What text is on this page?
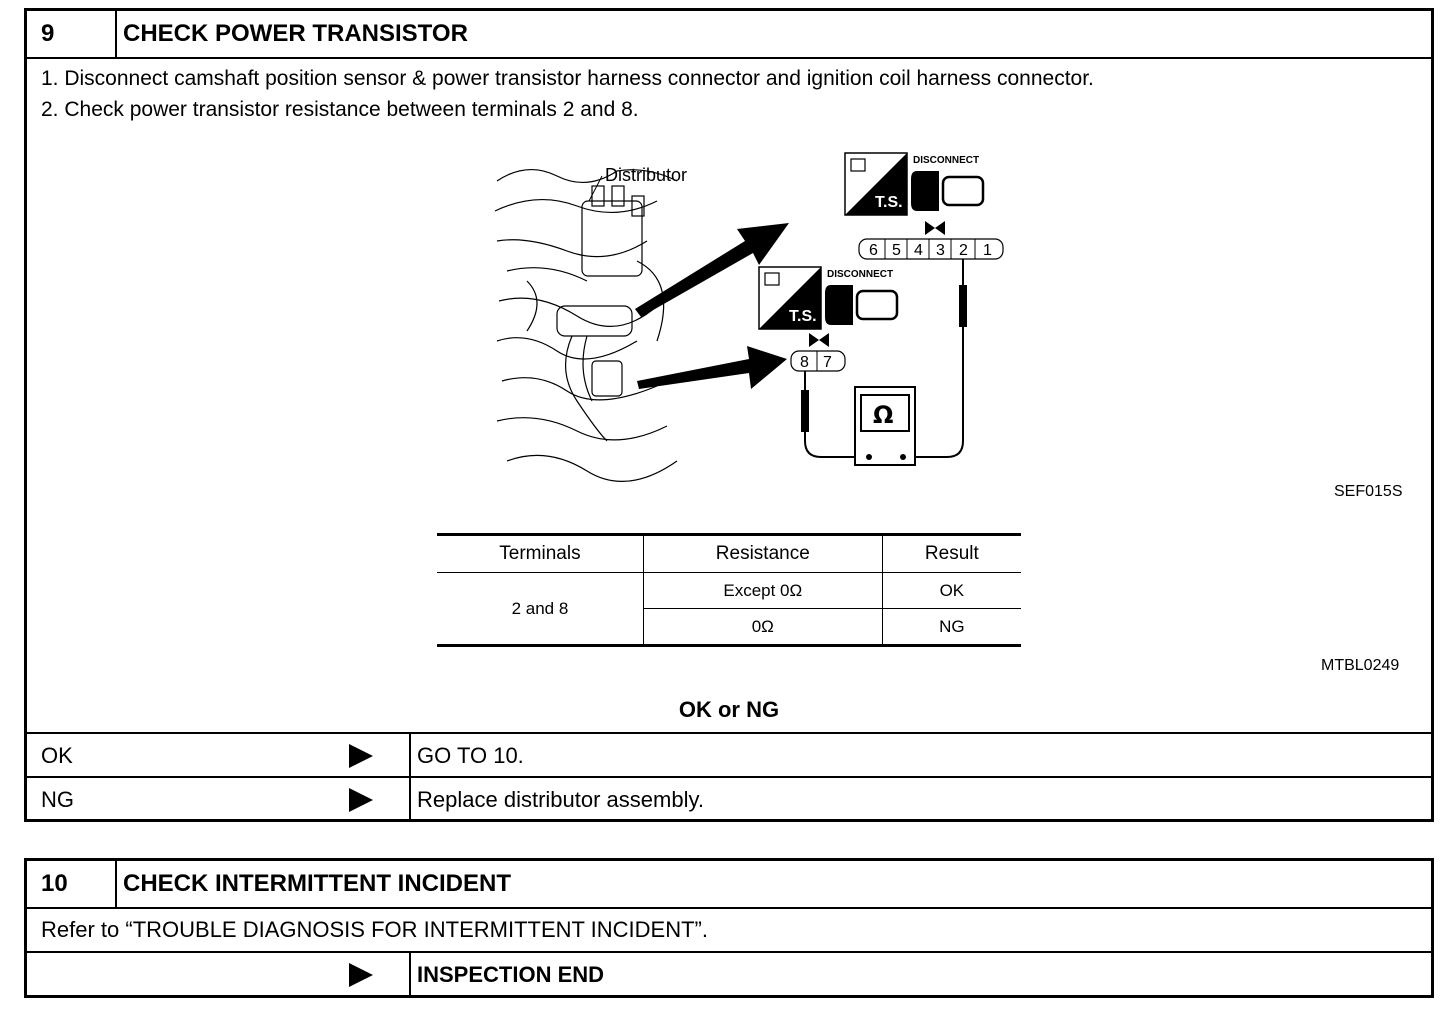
9	CHECK POWER TRANSISTOR
1. Disconnect camshaft position sensor & power transistor harness connector and ignition coil harness connector.
2. Check power transistor resistance between terminals 2 and 8.
Distributor
T.S.
DISCONNECT
6 5 4 3 2 1
T.S.
DISCONNECT
8 7
Ω
SEF015S
Terminals	Resistance	Result
2 and 8	Except 0Ω	OK
	0Ω	NG
MTBL0249
OK or NG
OK	GO TO 10.
NG	Replace distributor assembly.
10	CHECK INTERMITTENT INCIDENT
Refer to “TROUBLE DIAGNOSIS FOR INTERMITTENT INCIDENT”.
INSPECTION END
